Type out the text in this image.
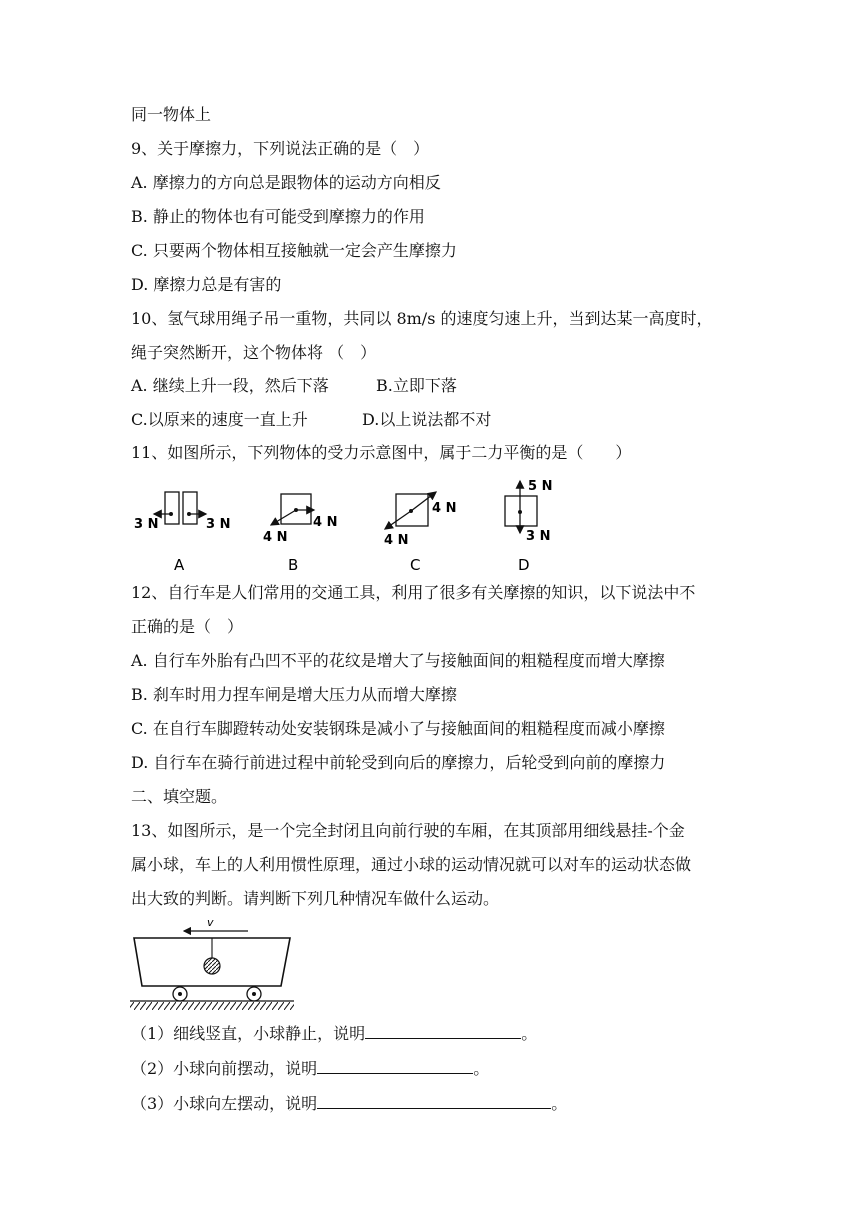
同一物体上
9、关于摩擦力，下列说法正确的是（　）
A. 摩擦力的方向总是跟物体的运动方向相反
B. 静止的物体也有可能受到摩擦力的作用
C. 只要两个物体相互接触就一定会产生摩擦力
D. 摩擦力总是有害的
10、氢气球用绳子吊一重物，共同以 8m/s 的速度匀速上升，当到达某一高度时，
绳子突然断开，这个物体将 （　）
A. 继续上升一段，然后下落	B.立即下落
C.以原来的速度一直上升	D.以上说法都不对
11、如图所示，下列物体的受力示意图中，属于二力平衡的是（　　）
3 N	3 N
A
4 N
4 N
B
4 N
4 N
C
5 N
3 N
D
12、自行车是人们常用的交通工具，利用了很多有关摩擦的知识，以下说法中不
正确的是（　）
A. 自行车外胎有凸凹不平的花纹是增大了与接触面间的粗糙程度而增大摩擦
B. 刹车时用力捏车闸是增大压力从而增大摩擦
C. 在自行车脚蹬转动处安装钢珠是减小了与接触面间的粗糙程度而减小摩擦
D. 自行车在骑行前进过程中前轮受到向后的摩擦力，后轮受到向前的摩擦力
二、填空题。
13、如图所示，是一个完全封闭且向前行驶的车厢，在其顶部用细线悬挂-个金
属小球，车上的人利用惯性原理，通过小球的运动情况就可以对车的运动状态做
出大致的判断。请判断下列几种情况车做什么运动。
v
（1）细线竖直，小球静止，说明	。
（2）小球向前摆动，说明	。
（3）小球向左摆动，说明	。
